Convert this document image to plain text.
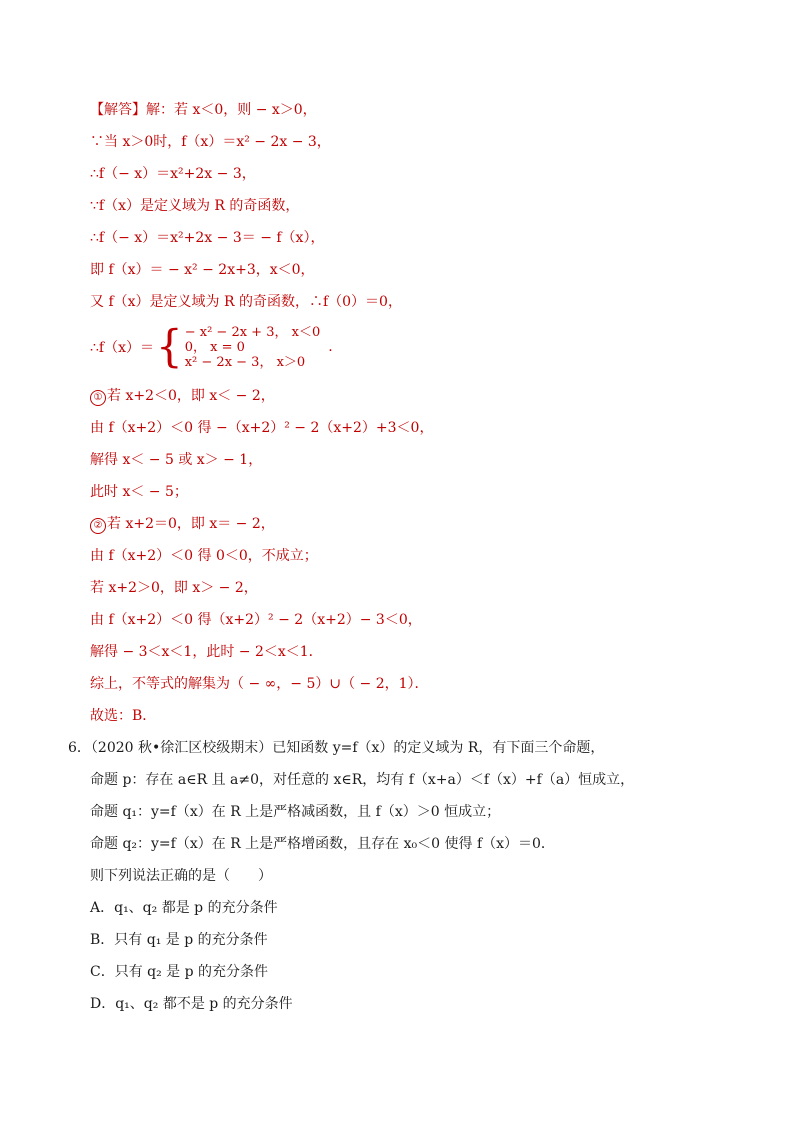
【解答】解：若 x＜0，则 − x＞0，
∵当 x＞0时，f（x）＝x² − 2x − 3，
∴f（− x）＝x²+2x − 3，
∵f（x）是定义域为 R 的奇函数，
∴f（− x）＝x²+2x − 3＝ − f（x），
即 f（x）＝ − x² − 2x+3，x＜0，
又 f（x）是定义域为 R 的奇函数，∴f（0）＝0，
∴f（x）＝ { − x² − 2x + 3， x＜0
0， x = 0
x² − 2x − 3， x＞0
.
① 若 x+2＜0，即 x＜ − 2，
由 f（x+2）＜0 得 −（x+2）² − 2（x+2）+3＜0，
解得 x＜ − 5 或 x＞ − 1，
此时 x＜ − 5；
② 若 x+2＝0，即 x＝ − 2，
由 f（x+2）＜0 得 0＜0，不成立；
若 x+2＞0，即 x＞ − 2，
由 f（x+2）＜0 得（x+2）² − 2（x+2）− 3＜0，
解得 − 3＜x＜1，此时 − 2＜x＜1．
综上，不等式的解集为（ − ∞，− 5）∪（ − 2，1）．
故选：B．
6．（2020 秋•徐汇区校级期末）已知函数 y=f（x）的定义域为 R，有下面三个命题，
命题 p：存在 a∈R 且 a≠0，对任意的 x∈R，均有 f（x+a）＜f（x）+f（a）恒成立，
命题 q₁：y=f（x）在 R 上是严格减函数，且 f（x）＞0 恒成立；
命题 q₂：y=f（x）在 R 上是严格增函数，且存在 x₀＜0 使得 f（x）＝0．
则下列说法正确的是（　　）
A．q₁、q₂ 都是 p 的充分条件
B．只有 q₁ 是 p 的充分条件
C．只有 q₂ 是 p 的充分条件
D．q₁、q₂ 都不是 p 的充分条件
